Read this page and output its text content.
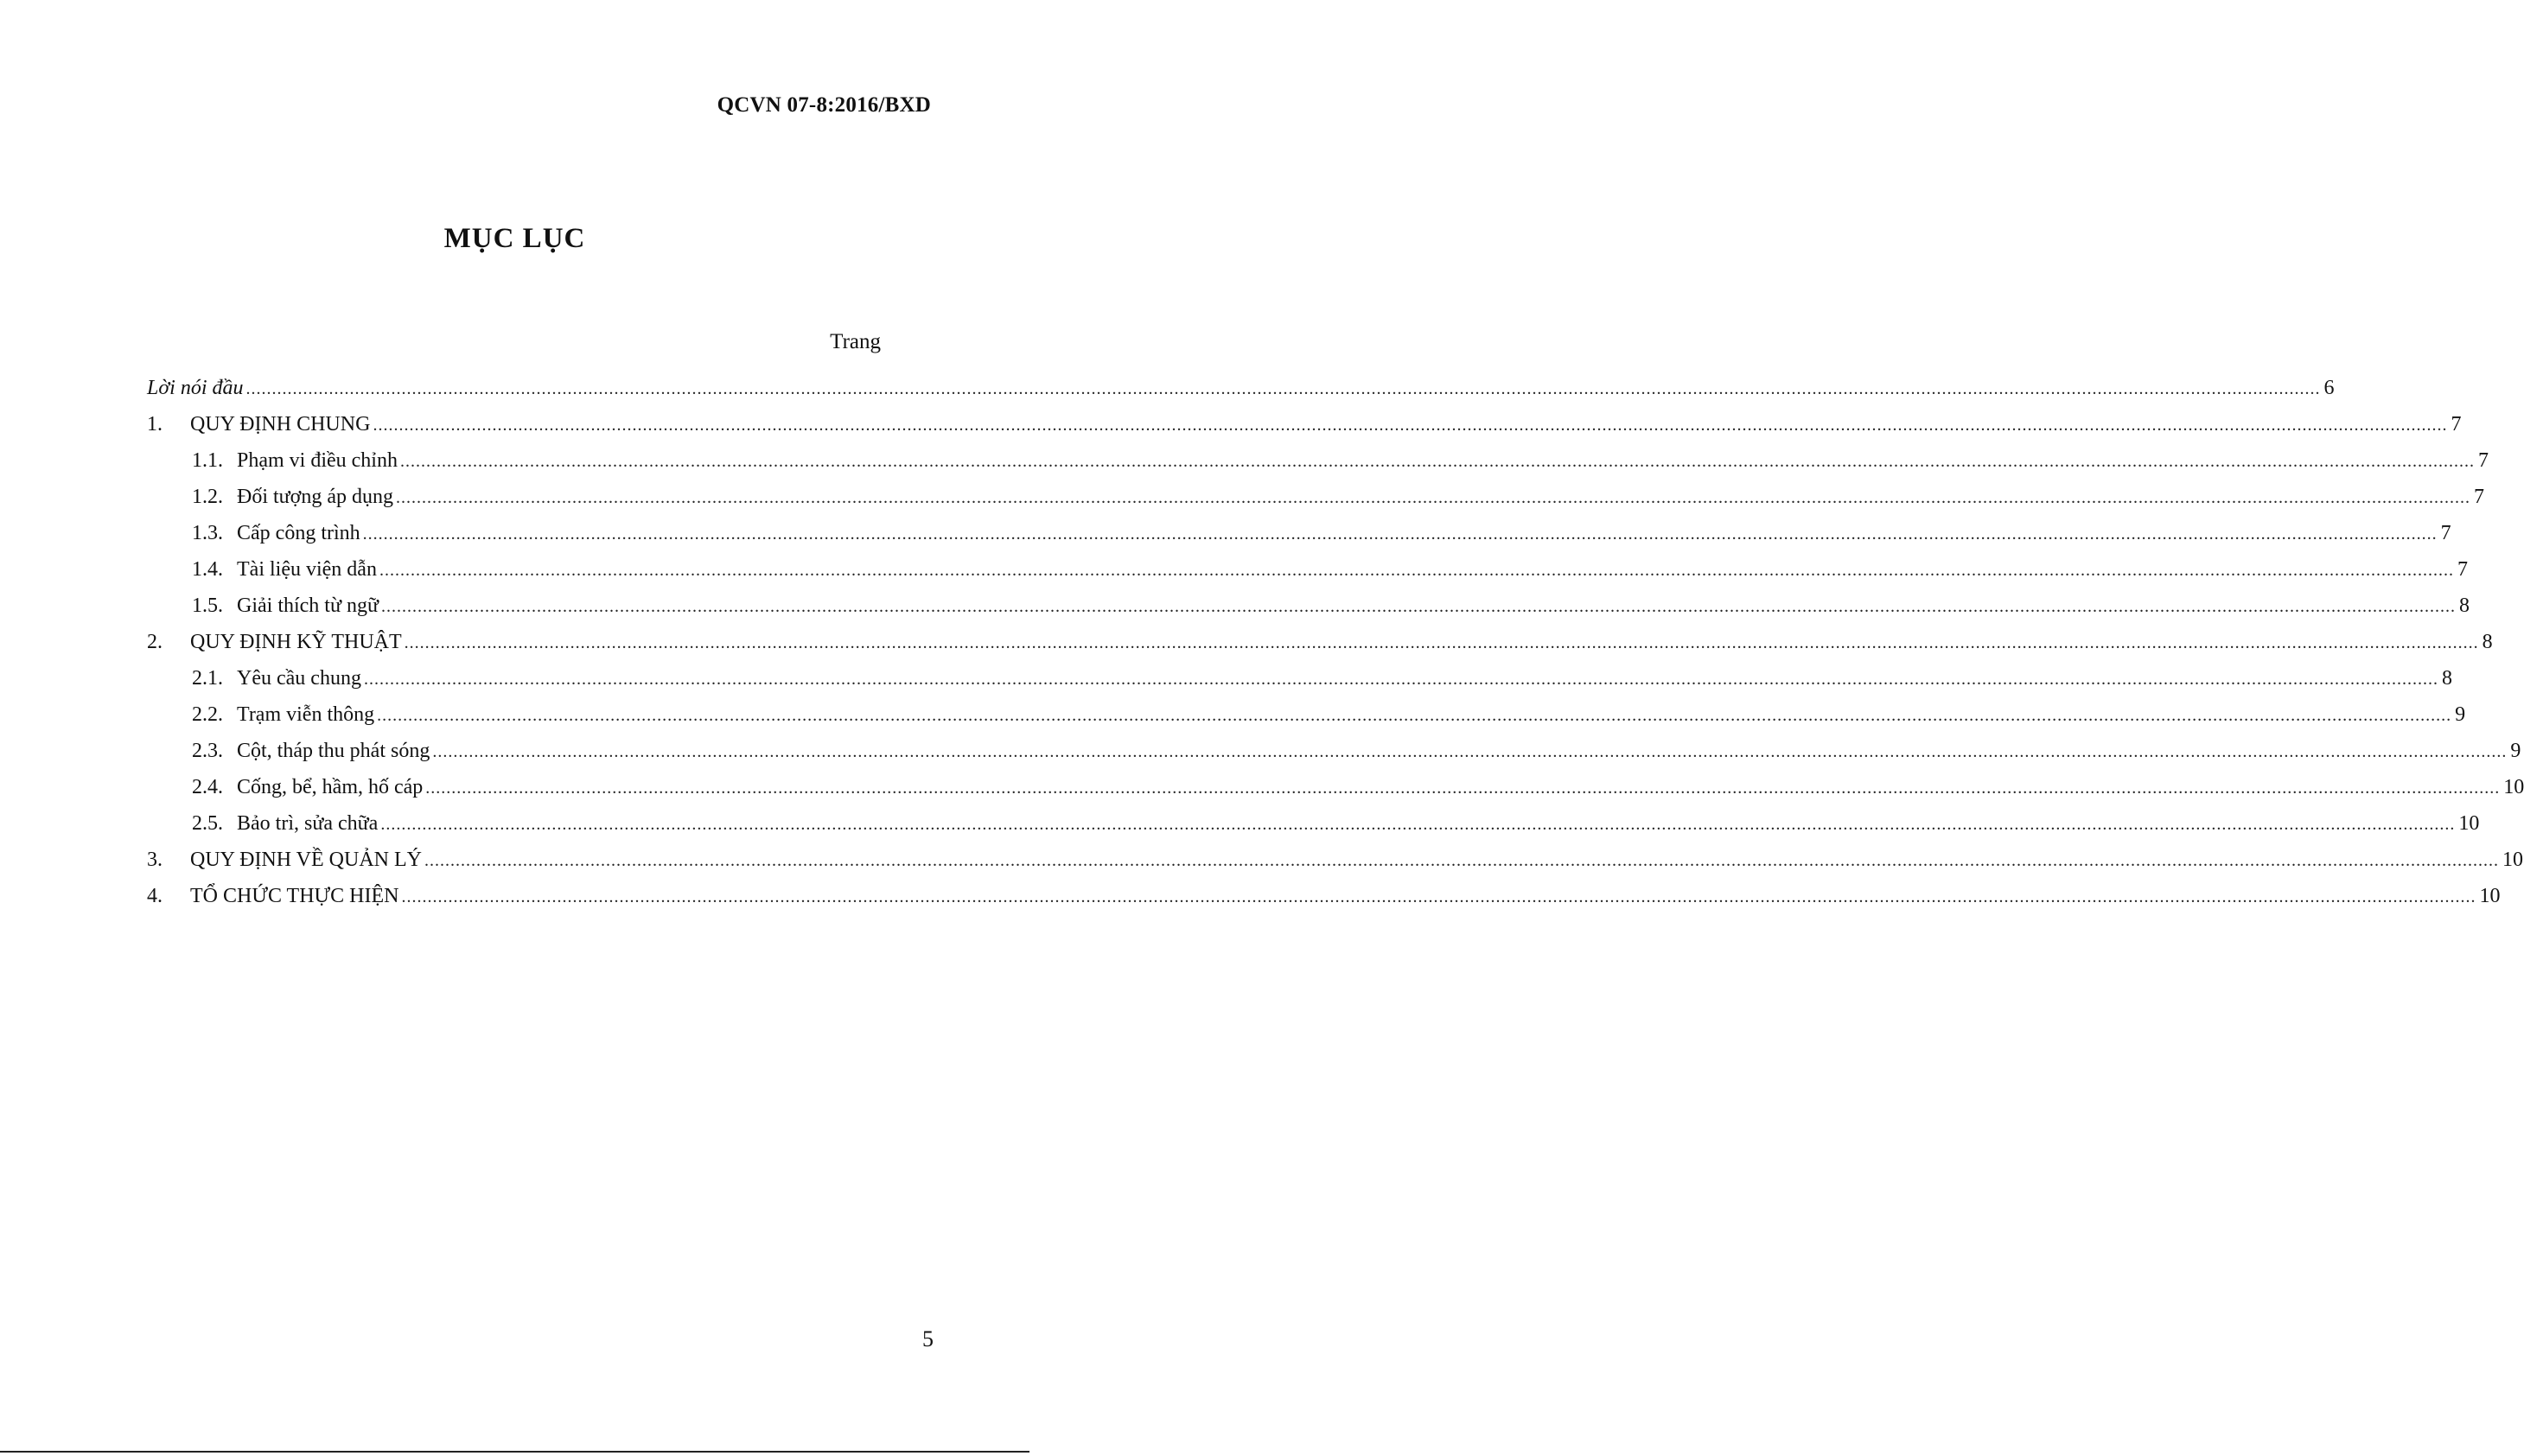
QCVN 07-8:2016/BXD
MỤC LỤC
Trang
Lời nói đầu ................................................................................................................................................................................................................................................................................................................................................................................................................ 6
1.	QUY ĐỊNH CHUNG ................................................................................................................................................................................................................................................................................................................................................................................................................ 7
1.1. Phạm vi điều chỉnh ................................................................................................................................................................................................................................................................................................................................................................................................................ 7
1.2. Đối tượng áp dụng ................................................................................................................................................................................................................................................................................................................................................................................................................ 7
1.3. Cấp công trình ................................................................................................................................................................................................................................................................................................................................................................................................................ 7
1.4. Tài liệu viện dẫn ................................................................................................................................................................................................................................................................................................................................................................................................................ 7
1.5. Giải thích từ ngữ ................................................................................................................................................................................................................................................................................................................................................................................................................ 8
2.	QUY ĐỊNH KỸ THUẬT ................................................................................................................................................................................................................................................................................................................................................................................................................ 8
2.1. Yêu cầu chung ................................................................................................................................................................................................................................................................................................................................................................................................................ 8
2.2. Trạm viễn thông ................................................................................................................................................................................................................................................................................................................................................................................................................ 9
2.3. Cột, tháp thu phát sóng ................................................................................................................................................................................................................................................................................................................................................................................................................ 9
2.4. Cống, bể, hầm, hố cáp ................................................................................................................................................................................................................................................................................................................................................................................................................ 10
2.5. Bảo trì, sửa chữa ................................................................................................................................................................................................................................................................................................................................................................................................................ 10
3.	QUY ĐỊNH VỀ QUẢN LÝ ................................................................................................................................................................................................................................................................................................................................................................................................................ 10
4.	TỔ CHỨC THỰC HIỆN ................................................................................................................................................................................................................................................................................................................................................................................................................ 10
5
